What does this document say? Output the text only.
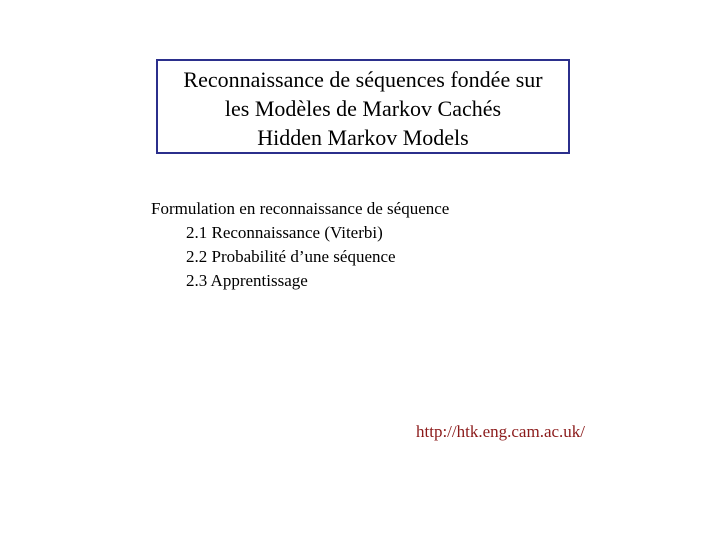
Reconnaissance de séquences fondée sur
les Modèles de Markov Cachés
Hidden Markov Models
Formulation en reconnaissance de séquence
2.1 Reconnaissance (Viterbi)
2.2 Probabilité d’une séquence
2.3 Apprentissage
http://htk.eng.cam.ac.uk/
